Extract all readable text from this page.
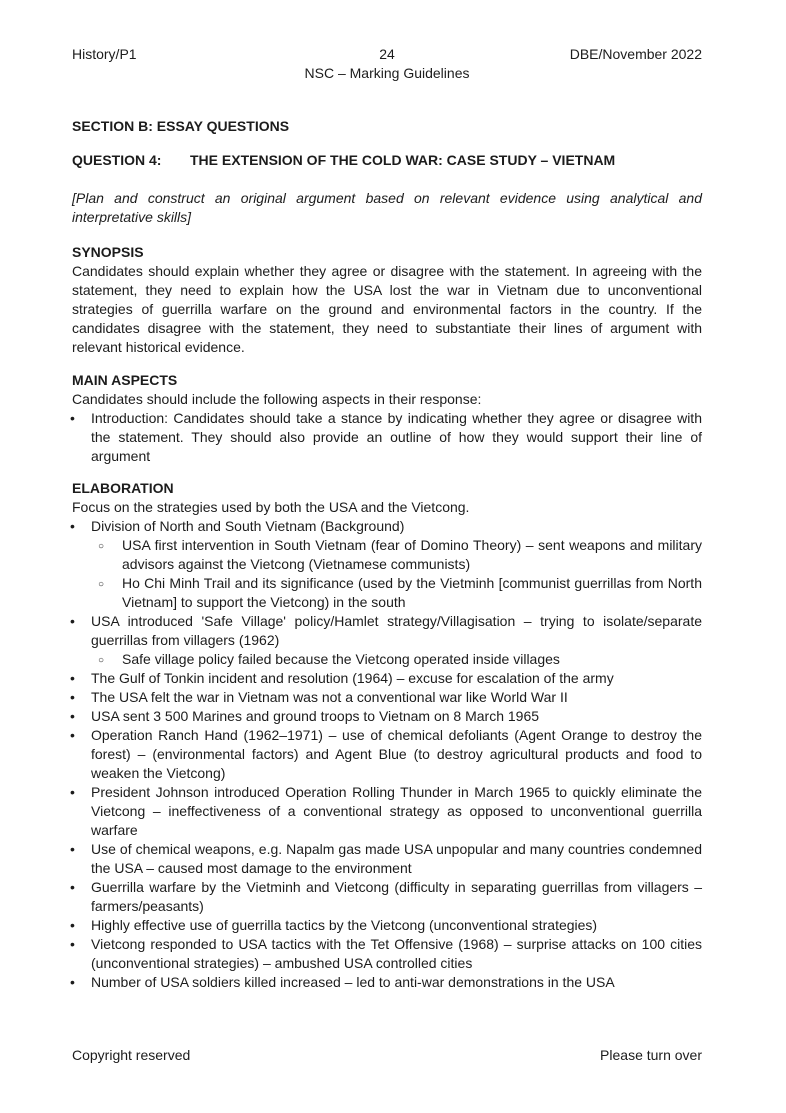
History/P1	24	DBE/November 2022
NSC – Marking Guidelines
SECTION B: ESSAY QUESTIONS
QUESTION 4: THE EXTENSION OF THE COLD WAR: CASE STUDY – VIETNAM

[Plan and construct an original argument based on relevant evidence using analytical and interpretative skills]

SYNOPSIS

Candidates should explain whether they agree or disagree with the statement. In agreeing with the statement, they need to explain how the USA lost the war in Vietnam due to unconventional strategies of guerrilla warfare on the ground and environmental factors in the country. If the candidates disagree with the statement, they need to substantiate their lines of argument with relevant historical evidence.

MAIN ASPECTS

Candidates should include the following aspects in their response:

• Introduction: Candidates should take a stance by indicating whether they agree or disagree with the statement. They should also provide an outline of how they would support their line of argument
ELABORATION

Focus on the strategies used by both the USA and the Vietcong.

• Division of North and South Vietnam (Background)
○ USA first intervention in South Vietnam (fear of Domino Theory) – sent weapons and military advisors against the Vietcong (Vietnamese communists)
○ Ho Chi Minh Trail and its significance (used by the Vietminh [communist guerrillas from North Vietnam] to support the Vietcong) in the south
• USA introduced 'Safe Village' policy/Hamlet strategy/Villagisation – trying to isolate/separate guerrillas from villagers (1962)
○ Safe village policy failed because the Vietcong operated inside villages
• The Gulf of Tonkin incident and resolution (1964) – excuse for escalation of the army
• The USA felt the war in Vietnam was not a conventional war like World War II
• USA sent 3 500 Marines and ground troops to Vietnam on 8 March 1965
• Operation Ranch Hand (1962–1971) – use of chemical defoliants (Agent Orange to destroy the forest) – (environmental factors) and Agent Blue (to destroy agricultural products and food to weaken the Vietcong)
• President Johnson introduced Operation Rolling Thunder in March 1965 to quickly eliminate the Vietcong – ineffectiveness of a conventional strategy as opposed to unconventional guerrilla warfare
• Use of chemical weapons, e.g. Napalm gas made USA unpopular and many countries condemned the USA – caused most damage to the environment
• Guerrilla warfare by the Vietminh and Vietcong (difficulty in separating guerrillas from villagers – farmers/peasants)
• Highly effective use of guerrilla tactics by the Vietcong (unconventional strategies)
• Vietcong responded to USA tactics with the Tet Offensive (1968) – surprise attacks on 100 cities (unconventional strategies) – ambushed USA controlled cities
• Number of USA soldiers killed increased – led to anti-war demonstrations in the USA
Copyright reserved	Please turn over
